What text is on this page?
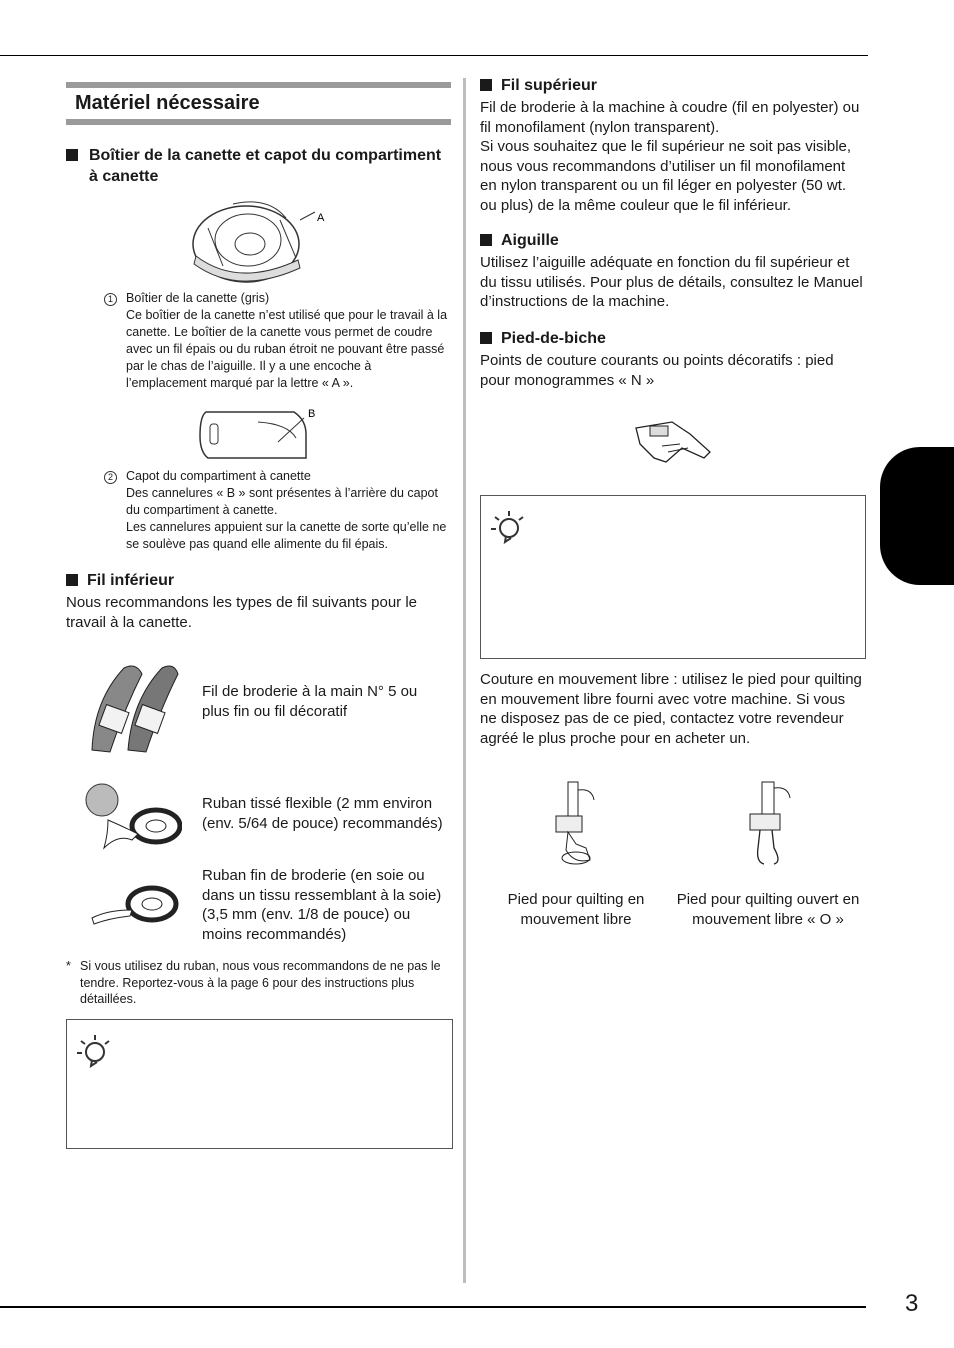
Matériel nécessaire
Boîtier de la canette et capot du compartiment à canette
A
1	Boîtier de la canette (gris)
Ce boîtier de la canette n’est utilisé que pour le travail à la canette. Le boîtier de la canette vous permet de coudre avec un fil épais ou du ruban étroit ne pouvant être passé par le chas de l’aiguille. Il y a une encoche à l’emplacement marqué par la lettre « A ».
B
2	Capot du compartiment à canette
Des cannelures « B » sont présentes à l’arrière du capot du compartiment à canette.
Les cannelures appuient sur la canette de sorte qu’elle ne se soulève pas quand elle alimente du fil épais.
Fil inférieur
Nous recommandons les types de fil suivants pour le travail à la canette.
Fil de broderie à la main N° 5 ou plus fin ou fil décoratif
Ruban tissé flexible (2 mm environ (env. 5/64 de pouce) recommandés)
Ruban fin de broderie (en soie ou dans un tissu ressemblant à la soie) (3,5 mm (env. 1/8 de pouce) ou moins recommandés)
* Si vous utilisez du ruban, nous vous recommandons de ne pas le tendre. Reportez-vous à la page 6 pour des instructions plus détaillées.
Fil supérieur
Fil de broderie à la machine à coudre (fil en polyester) ou fil monofilament (nylon transparent).
Si vous souhaitez que le fil supérieur ne soit pas visible, nous vous recommandons d’utiliser un fil monofilament en nylon transparent ou un fil léger en polyester (50 wt. ou plus) de la même couleur que le fil inférieur.
Aiguille
Utilisez l’aiguille adéquate en fonction du fil supérieur et du tissu utilisés. Pour plus de détails, consultez le Manuel d’instructions de la machine.
Pied-de-biche
Points de couture courants ou points décoratifs : pied pour monogrammes « N »
Couture en mouvement libre : utilisez le pied pour quilting en mouvement libre fourni avec votre machine. Si vous ne disposez pas de ce pied, contactez votre revendeur agréé le plus proche pour en acheter un.
Pied pour quilting en mouvement libre
Pied pour quilting ouvert en mouvement libre « O »
3
